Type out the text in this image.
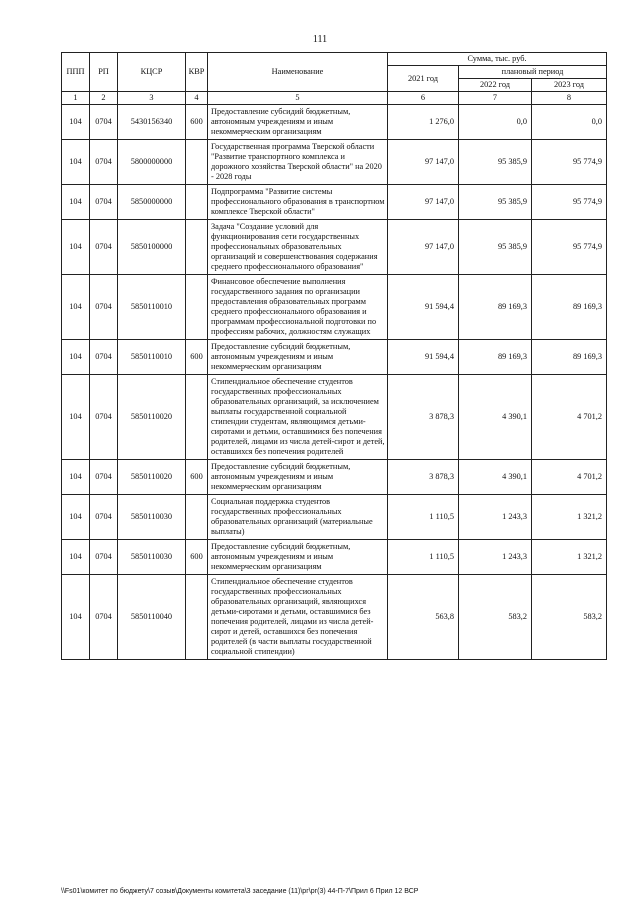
111
ППП	РП	КЦСР	КВР	Наименование	Сумма, тыс. руб.		
					2021 год	плановый период	
						2022 год	2023 год
1	2	3	4	5	6	7	8
104	0704	5430156340	600	Предоставление субсидий бюджетным, автономным учреждениям и иным некоммерческим организациям	1 276,0	0,0	0,0
104	0704	5800000000		Государственная программа Тверской области "Развитие транспортного комплекса и дорожного хозяйства Тверской области" на 2020 - 2028 годы	97 147,0	95 385,9	95 774,9
104	0704	5850000000		Подпрограмма "Развитие системы профессионального образования в транспортном комплексе Тверской области"	97 147,0	95 385,9	95 774,9
104	0704	5850100000		Задача "Создание условий для функционирования сети государственных профессиональных образовательных организаций и совершенствования содержания среднего профессионального образования"	97 147,0	95 385,9	95 774,9
104	0704	5850110010		Финансовое обеспечение выполнения государственного задания по организации предоставления образовательных программ среднего профессионального образования и программам профессиональной подготовки по профессиям рабочих, должностям служащих	91 594,4	89 169,3	89 169,3
104	0704	5850110010	600	Предоставление субсидий бюджетным, автономным учреждениям и иным некоммерческим организациям	91 594,4	89 169,3	89 169,3
104	0704	5850110020		Стипендиальное обеспечение студентов государственных профессиональных образовательных организаций, за исключением выплаты государственной социальной стипендии студентам, являющимся детьми-сиротами и детьми, оставшимися без попечения родителей, лицами из числа детей-сирот и детей, оставшихся без попечения родителей	3 878,3	4 390,1	4 701,2
104	0704	5850110020	600	Предоставление субсидий бюджетным, автономным учреждениям и иным некоммерческим организациям	3 878,3	4 390,1	4 701,2
104	0704	5850110030		Социальная поддержка студентов государственных профессиональных образовательных организаций (материальные выплаты)	1 110,5	1 243,3	1 321,2
104	0704	5850110030	600	Предоставление субсидий бюджетным, автономным учреждениям и иным некоммерческим организациям	1 110,5	1 243,3	1 321,2
104	0704	5850110040		Стипендиальное обеспечение студентов государственных профессиональных образовательных организаций, являющихся детьми-сиротами и детьми, оставшимися без попечения родителей, лицами из числа детей-сирот и детей, оставшихся без попечения родителей (в части выплаты государственной социальной стипендии)	563,8	583,2	583,2
\\Fs01\комитет по бюджету\7 созыв\Документы комитета\3 заседание (11)\рг\рг(3) 44-П-7\Прил 6 Прил 12 ВСР
